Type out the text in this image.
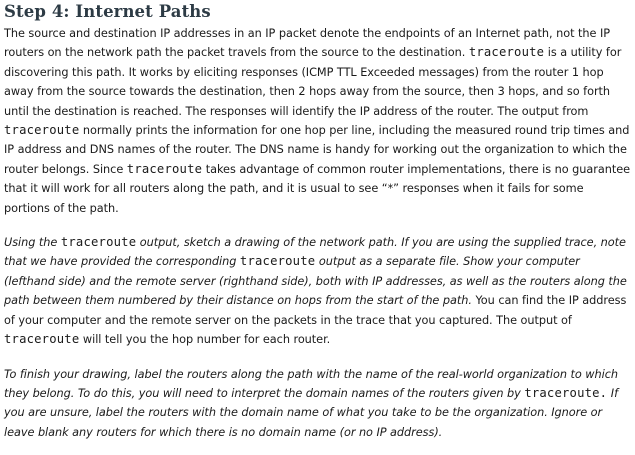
Step 4: Internet Paths

The source and destination IP addresses in an IP packet denote the endpoints of an Internet path, not the IP routers on the network path the packet travels from the source to the destination. traceroute is a utility for discovering this path. It works by eliciting responses (ICMP TTL Exceeded messages) from the router 1 hop away from the source towards the destination, then 2 hops away from the source, then 3 hops, and so forth until the destination is reached. The responses will identify the IP address of the router. The output from traceroute normally prints the information for one hop per line, including the measured round trip times and IP address and DNS names of the router. The DNS name is handy for working out the organization to which the router belongs. Since traceroute takes advantage of common router implementations, there is no guarantee that it will work for all routers along the path, and it is usual to see “*” responses when it fails for some portions of the path.

Using the traceroute output, sketch a drawing of the network path. If you are using the supplied trace, note that we have provided the corresponding traceroute output as a separate file. Show your computer (lefthand side) and the remote server (righthand side), both with IP addresses, as well as the routers along the path between them numbered by their distance on hops from the start of the path. You can find the IP address of your computer and the remote server on the packets in the trace that you captured. The output of traceroute will tell you the hop number for each router.

To finish your drawing, label the routers along the path with the name of the real-world organization to which they belong. To do this, you will need to interpret the domain names of the routers given by traceroute. If you are unsure, label the routers with the domain name of what you take to be the organization. Ignore or leave blank any routers for which there is no domain name (or no IP address).
